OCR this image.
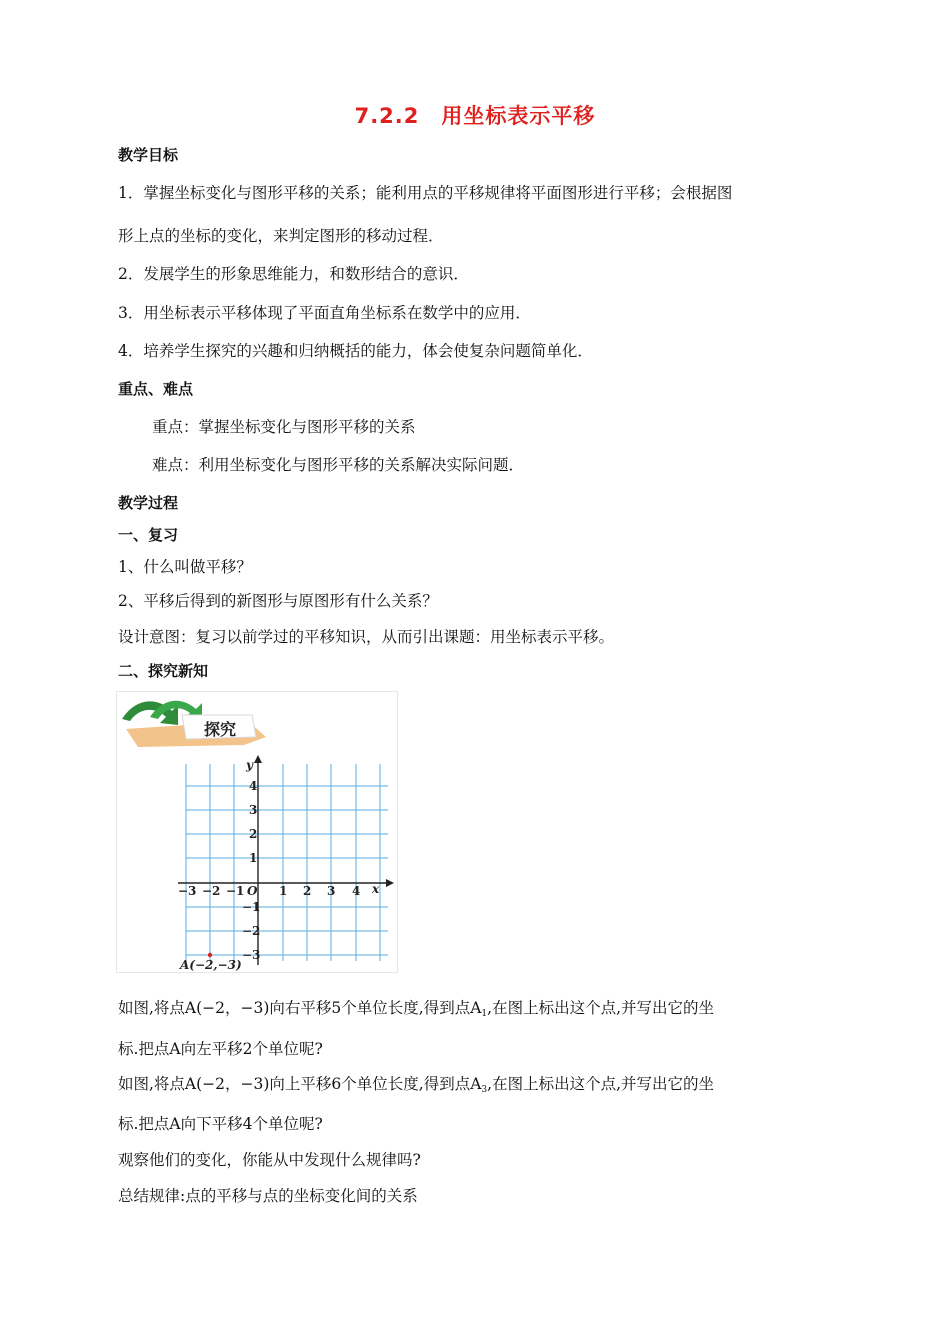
7.2.2　用坐标表示平移
教学目标
1．掌握坐标变化与图形平移的关系；能利用点的平移规律将平面图形进行平移；会根据图
形上点的坐标的变化，来判定图形的移动过程．
2．发展学生的形象思维能力，和数形结合的意识．
3．用坐标表示平移体现了平面直角坐标系在数学中的应用．
4．培养学生探究的兴趣和归纳概括的能力，体会使复杂问题简单化．
重点、难点
重点：掌握坐标变化与图形平移的关系
难点：利用坐标变化与图形平移的关系解决实际问题．
教学过程
一、复习
1、什么叫做平移？
2、平移后得到的新图形与原图形有什么关系？
设计意图：复习以前学过的平移知识，从而引出课题：用坐标表示平移。
二、探究新知
探究
y
x
O
−3 −2 −1	1 2 3 4
4
3
2
1
−1
−2
−3
A(−2,−3)
如图,将点A(−2，−3)向右平移5个单位长度,得到点$A_1$,在图上标出这个点,并写出它的坐
标.把点A向左平移2个单位呢?
如图,将点A(−2，−3)向上平移6个单位长度,得到点$A_3$,在图上标出这个点,并写出它的坐
标.把点A向下平移4个单位呢?
观察他们的变化，你能从中发现什么规律吗?
总结规律:点的平移与点的坐标变化间的关系
